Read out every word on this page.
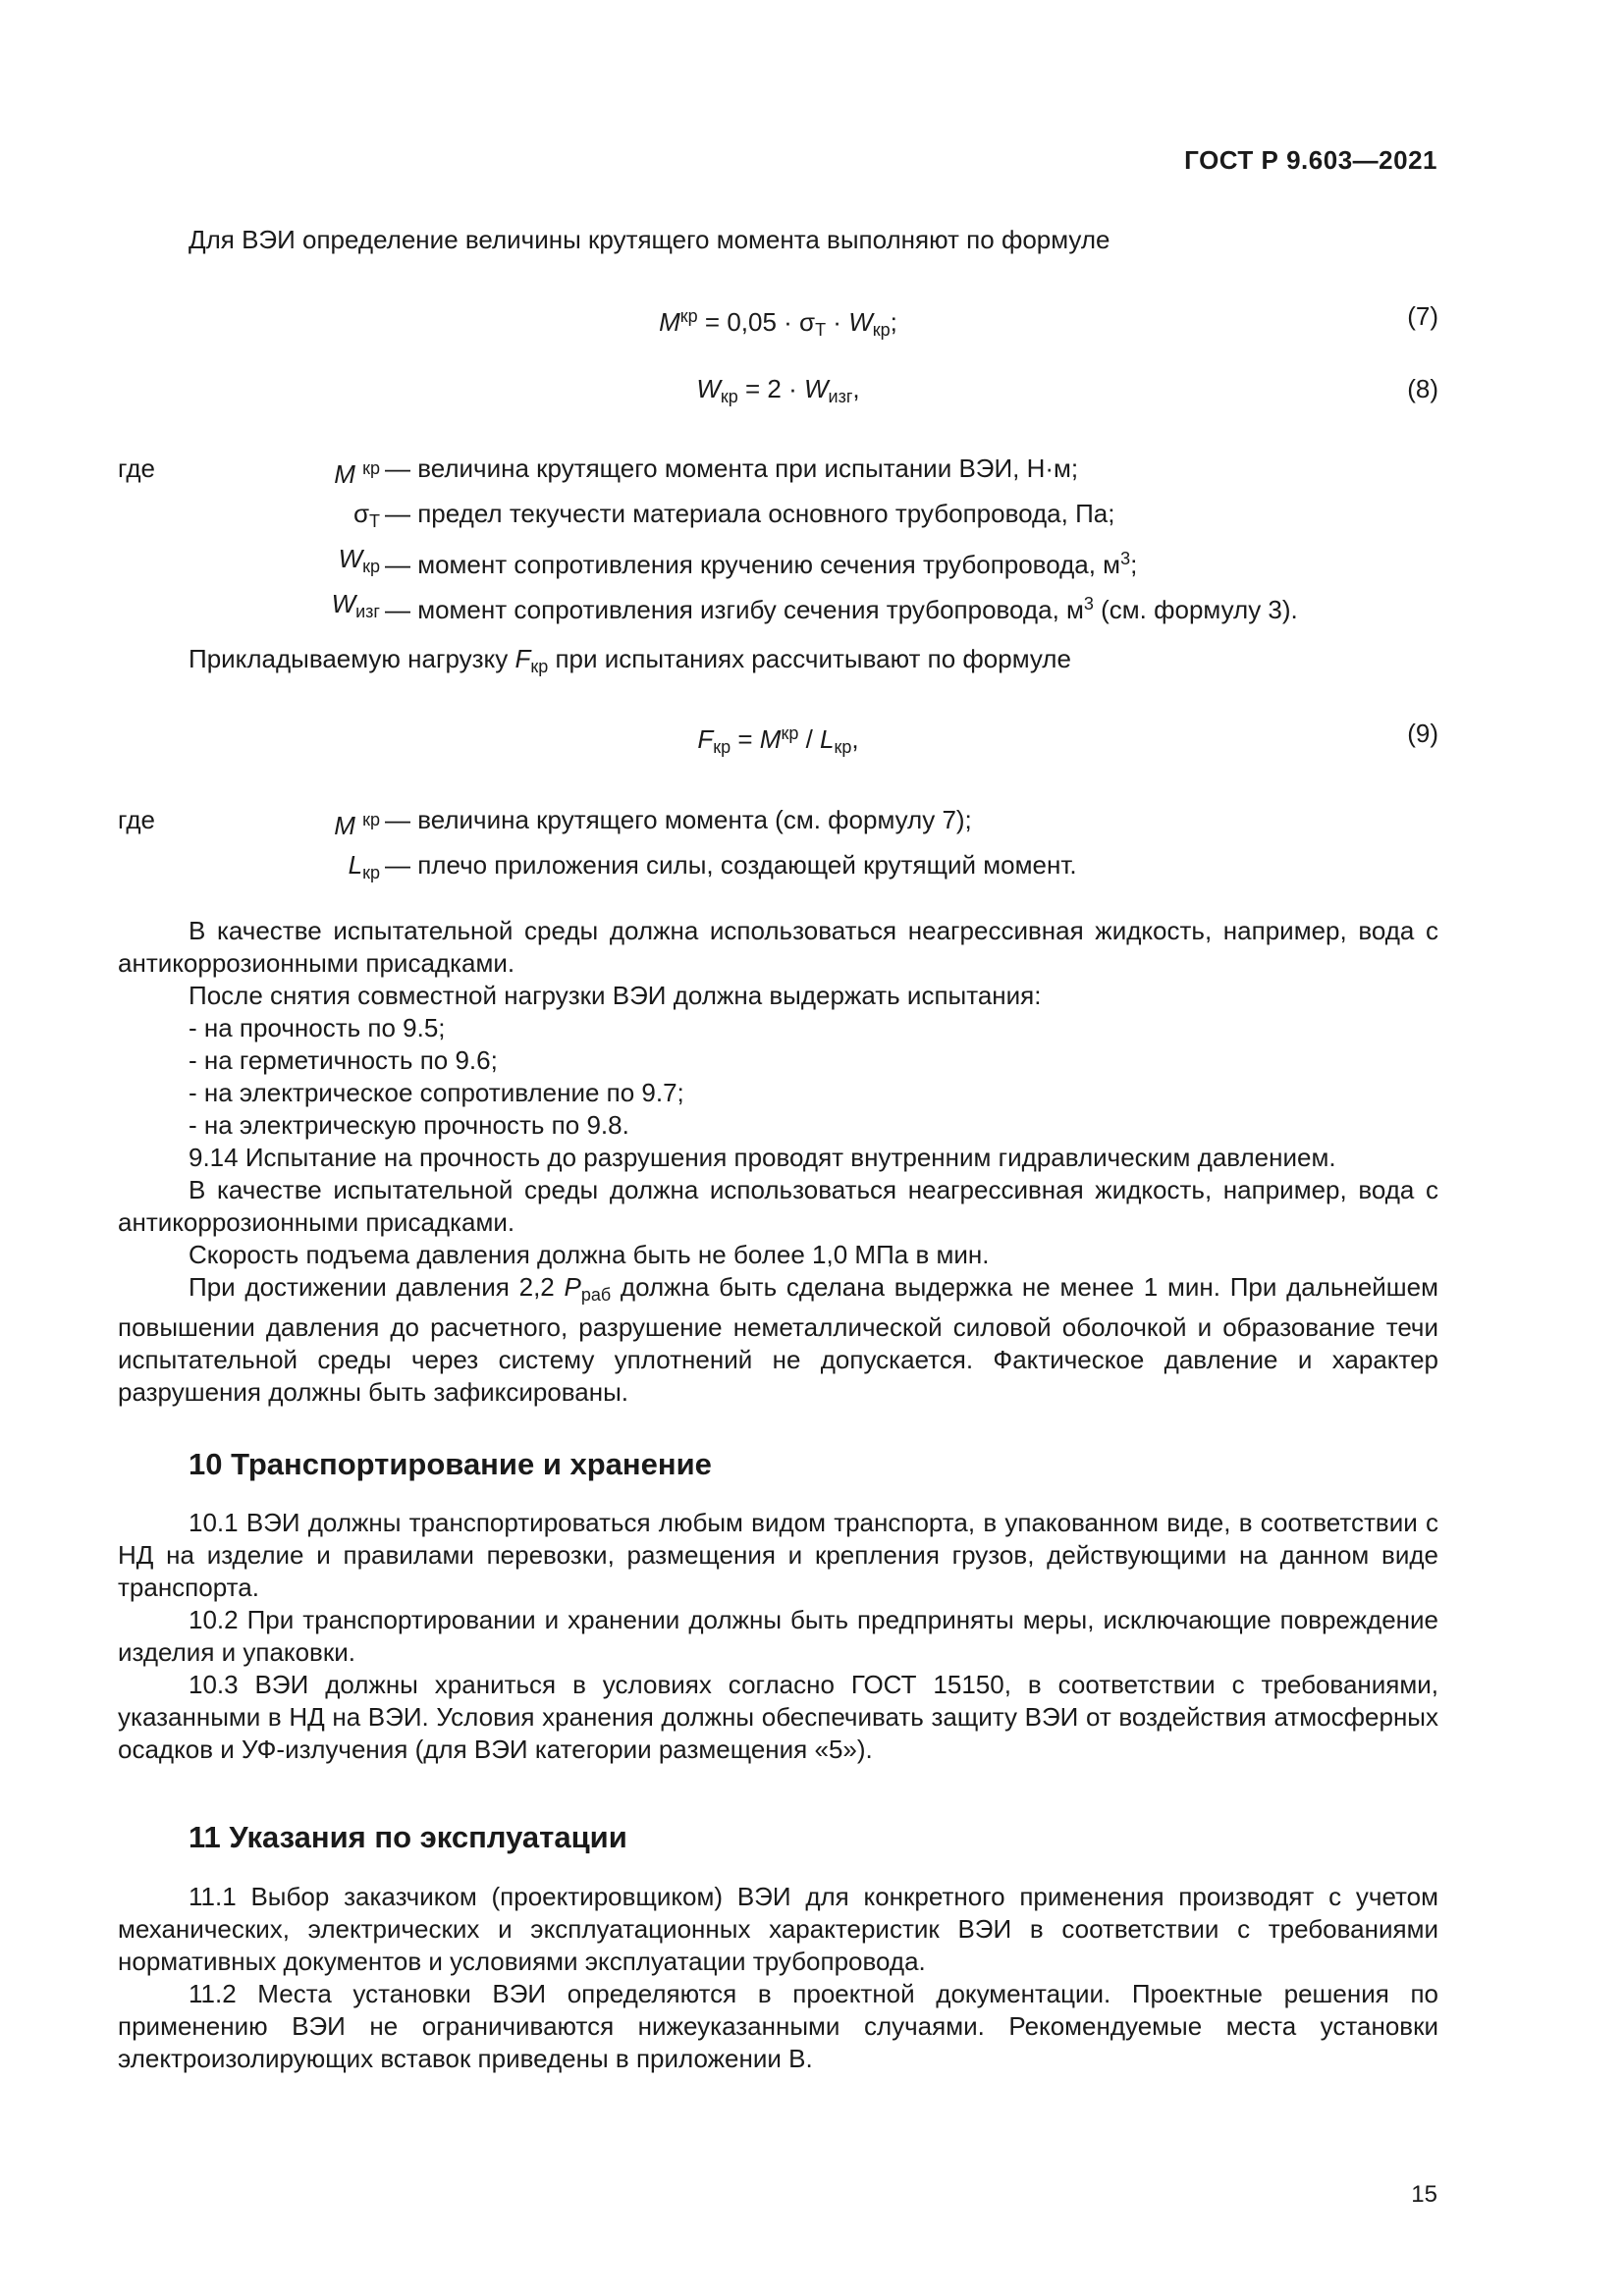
ГОСТ Р 9.603—2021

Для ВЭИ определение величины крутящего момента выполняют по формуле

$M^{кр} = 0,05 \cdot \sigma_Т \cdot W_{кр}$;	(7)
$W_{кр} = 2 \cdot W_{изг}$,	(8)
где	M $^{кр}$ — величина крутящего момента при испытании ВЭИ, Н·м;
$\sigma_Т$ — предел текучести материала основного трубопровода, Па;
$W_{кр}$ — момент сопротивления кручению сечения трубопровода, $м^3$;
$W_{изг}$ — момент сопротивления изгибу сечения трубопровода, $м^3$ (см. формулу 3).

Прикладываемую нагрузку $F_{кр}$ при испытаниях рассчитывают по формуле

$F_{кр} = M^{кр} / L_{кр}$,	(9)
где	M $^{кр}$ — величина крутящего момента (см. формулу 7);
$L_{кр}$ — плечо приложения силы, создающей крутящий момент.

В качестве испытательной среды должна использоваться неагрессивная жидкость, например, вода с антикоррозионными присадками.

После снятия совместной нагрузки ВЭИ должна выдержать испытания:

- на прочность по 9.5;
- на герметичность по 9.6;
- на электрическое сопротивление по 9.7;
- на электрическую прочность по 9.8.

9.14 Испытание на прочность до разрушения проводят внутренним гидравлическим давлением.

В качестве испытательной среды должна использоваться неагрессивная жидкость, например, вода с антикоррозионными присадками.

Скорость подъема давления должна быть не более 1,0 МПа в мин.

При достижении давления 2,2 $P_{раб}$ должна быть сделана выдержка не менее 1 мин. При дальнейшем повышении давления до расчетного, разрушение неметаллической силовой оболочкой и образование течи испытательной среды через систему уплотнений не допускается. Фактическое давление и характер разрушения должны быть зафиксированы.

10 Транспортирование и хранение

10.1 ВЭИ должны транспортироваться любым видом транспорта, в упакованном виде, в соответствии с НД на изделие и правилами перевозки, размещения и крепления грузов, действующими на данном виде транспорта.

10.2 При транспортировании и хранении должны быть предприняты меры, исключающие повреждение изделия и упаковки.

10.3 ВЭИ должны храниться в условиях согласно ГОСТ 15150, в соответствии с требованиями, указанными в НД на ВЭИ. Условия хранения должны обеспечивать защиту ВЭИ от воздействия атмосферных осадков и УФ-излучения (для ВЭИ категории размещения «5»).

11 Указания по эксплуатации

11.1 Выбор заказчиком (проектировщиком) ВЭИ для конкретного применения производят с учетом механических, электрических и эксплуатационных характеристик ВЭИ в соответствии с требованиями нормативных документов и условиями эксплуатации трубопровода.

11.2 Места установки ВЭИ определяются в проектной документации. Проектные решения по применению ВЭИ не ограничиваются нижеуказанными случаями. Рекомендуемые места установки электроизолирующих вставок приведены в приложении В.

15
